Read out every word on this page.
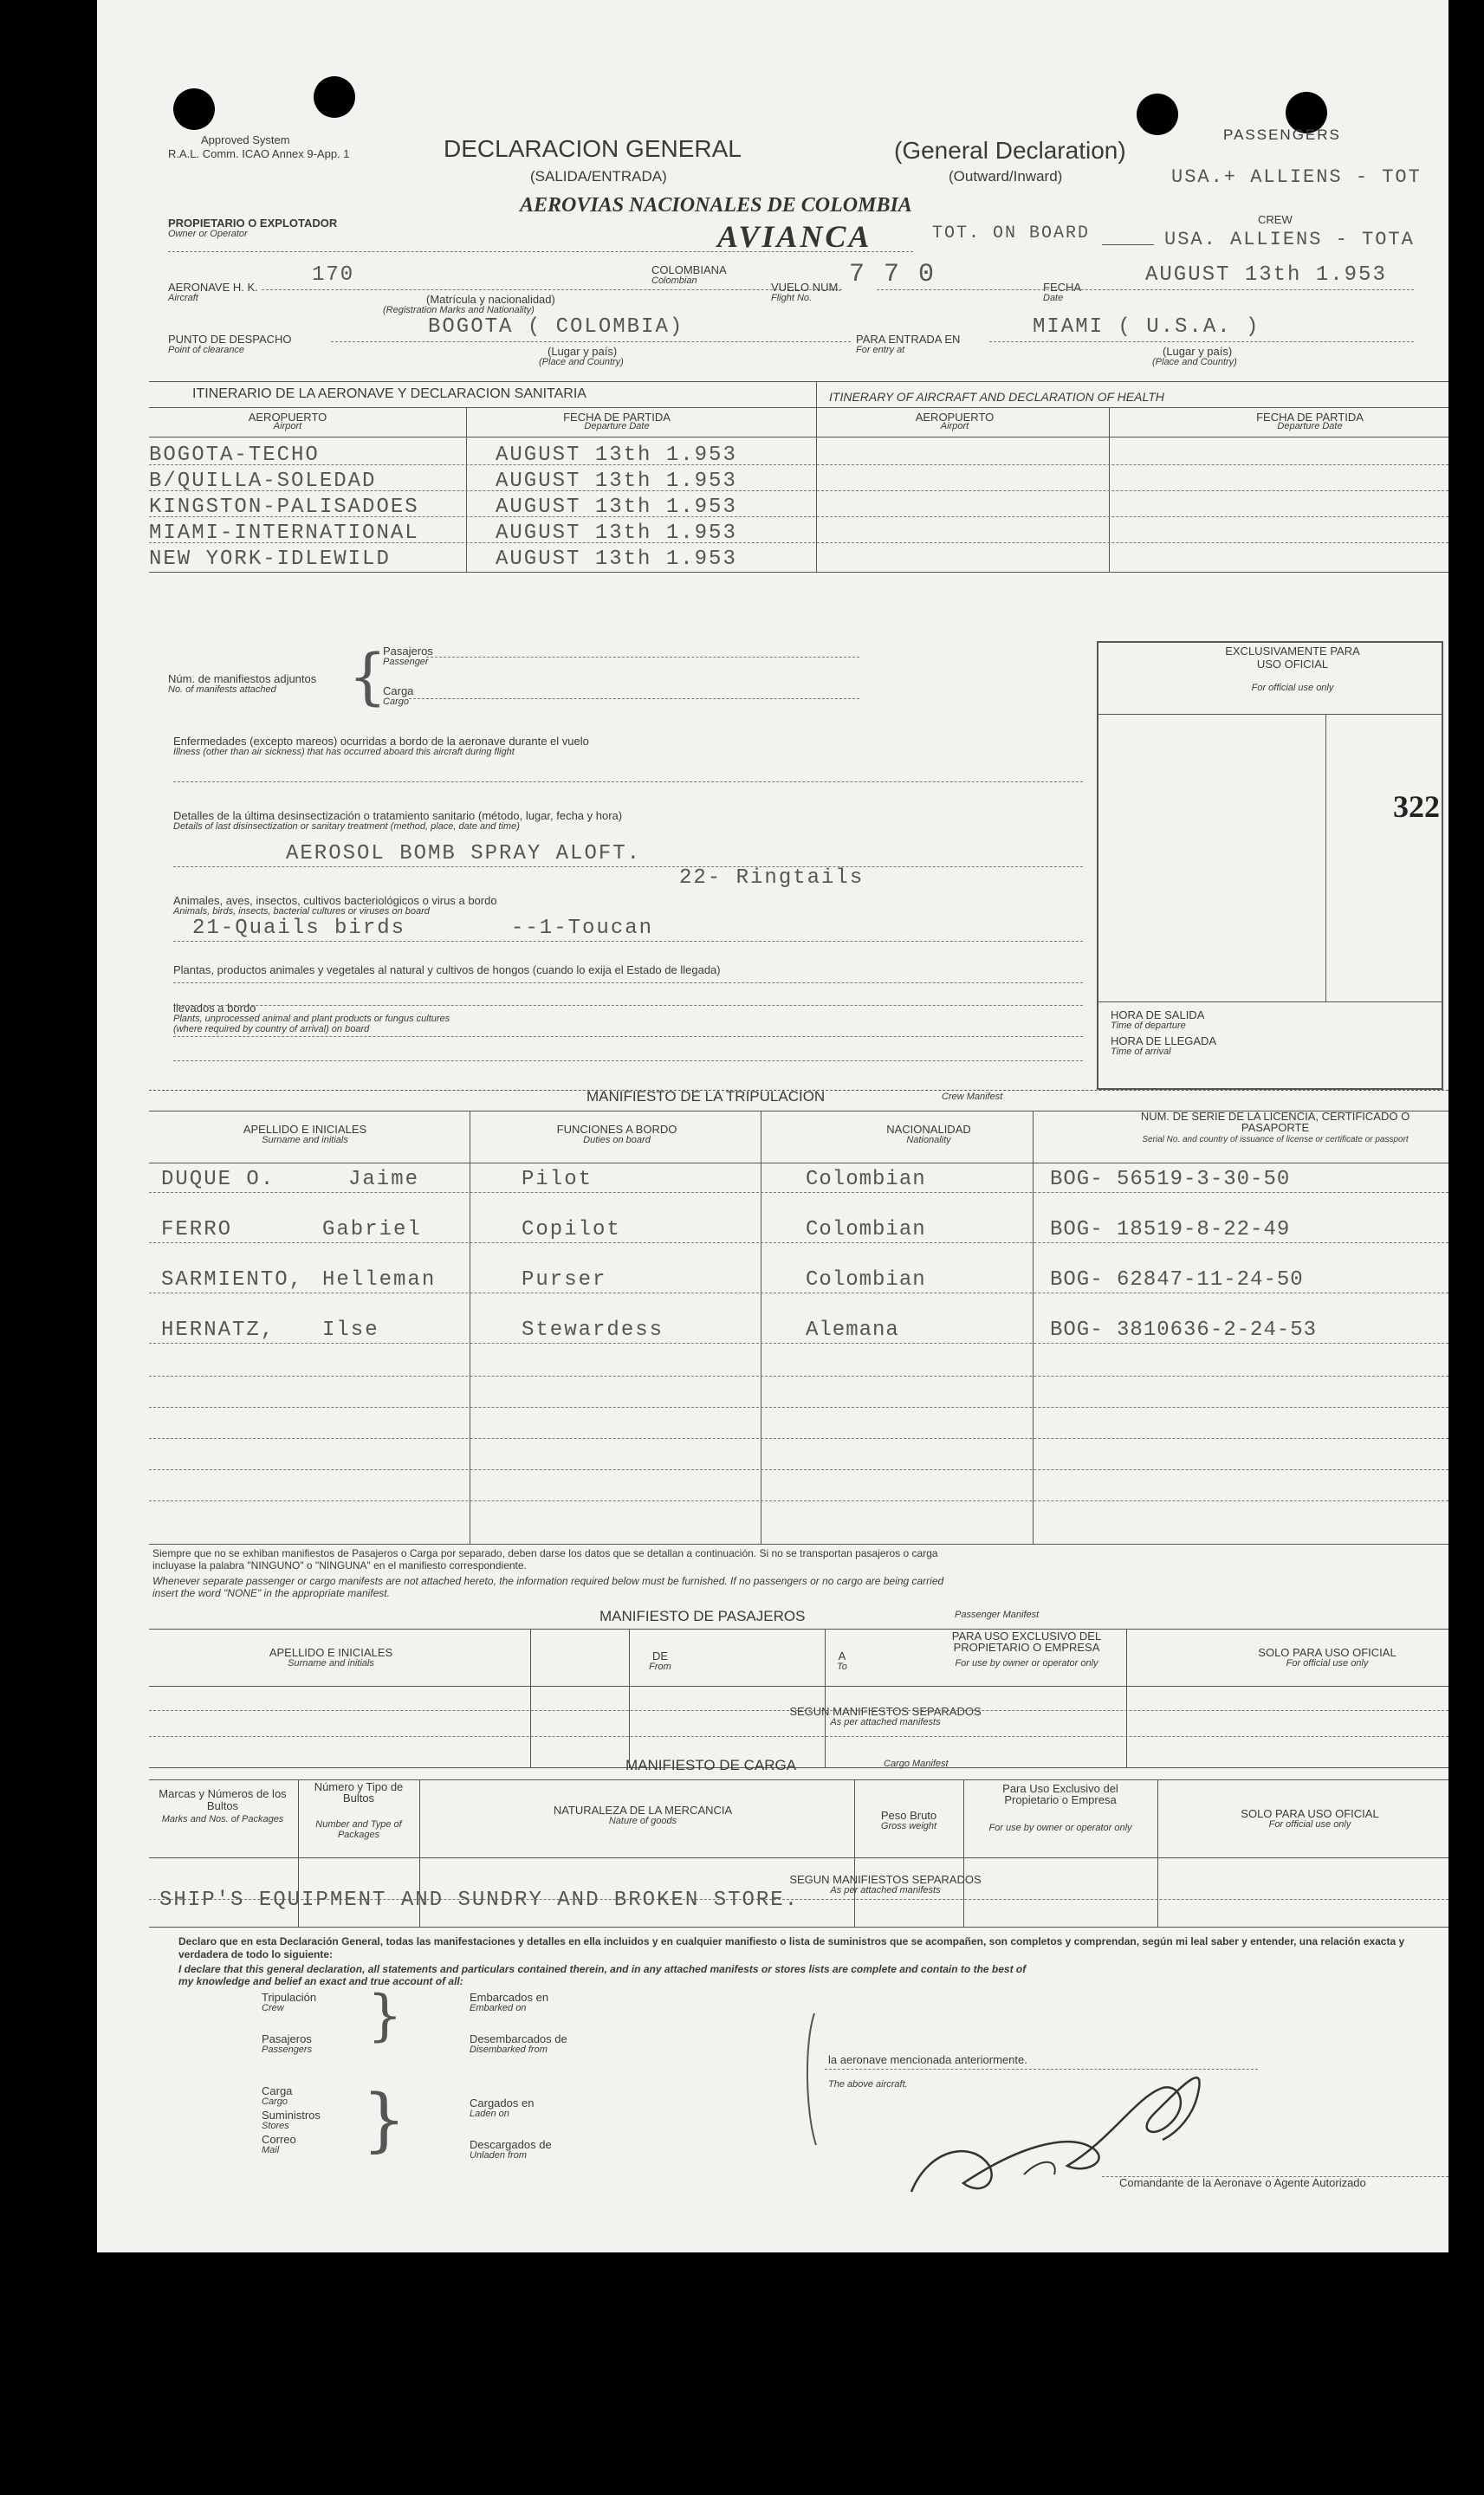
Approved System
R.A.L. Comm. ICAO Annex 9-App. 1	DECLARACION GENERAL	(General Declaration)
(SALIDA/ENTRADA)	(Outward/Inward)
PASSENGERS
USA.+ ALLIENS - TOT
AEROVIAS NACIONALES DE COLOMBIA
AVIANCA	TOT. ON BOARD
CREW
USA. ALLIENS - TOTA
PROPIETARIO O EXPLOTADOR
Owner or Operator
AERONAVE H. K.
Aircraft
170	COLOMBIANA
Colombian
(Matrícula y nacionalidad)
(Registration Marks and Nationality)
VUELO NUM.
Flight No.
7 7 0	FECHA
Date
AUGUST 13th 1.953
PUNTO DE DESPACHO
Point of clearance
BOGOTA ( COLOMBIA)
(Lugar y país)
(Place and Country)
PARA ENTRADA EN
For entry at
MIAMI ( U.S.A. )
(Lugar y país)
(Place and Country)
ITINERARIO DE LA AERONAVE Y DECLARACION SANITARIA	ITINERARY OF AIRCRAFT AND DECLARATION OF HEALTH
AEROPUERTO
Airport
FECHA DE PARTIDA
Departure Date
AEROPUERTO
Airport
FECHA DE PARTIDA
Departure Date
BOGOTA-TECHO	AUGUST 13th 1.953
B/QUILLA-SOLEDAD	AUGUST 13th 1.953
KINGSTON-PALISADOES	AUGUST 13th 1.953
MIAMI-INTERNATIONAL	AUGUST 13th 1.953
NEW YORK-IDLEWILD	AUGUST 13th 1.953
Núm. de manifiestos adjuntos
No. of manifests attached {
Pasajeros
Passenger
Carga
Cargo
Enfermedades (excepto mareos) ocurridas a bordo de la aeronave durante el vuelo
Illness (other than air sickness) that has occurred aboard this aircraft during flight
Detalles de la última desinsectización o tratamiento sanitario (método, lugar, fecha y hora)
Details of last disinsectization or sanitary treatment (method, place, date and time)
AEROSOL BOMB SPRAY ALOFT.
22- Ringtails
Animales, aves, insectos, cultivos bacteriológicos o virus a bordo
Animals, birds, insects, bacterial cultures or viruses on board
21-Quails birds	--1-Toucan
Plantas, productos animales y vegetales al natural y cultivos de hongos (cuando lo exija el Estado de llegada)
llevados a bordo
Plants, unprocessed animal and plant products or fungus cultures
(where required by country of arrival) on board
EXCLUSIVAMENTE PARA USO OFICIAL
For official use only
322
HORA DE SALIDA
Time of departure
HORA DE LLEGADA
Time of arrival
MANIFIESTO DE LA TRIPULACION	Crew Manifest
APELLIDO E INICIALES
Surname and initials
FUNCIONES A BORDO
Duties on board
NACIONALIDAD
Nationality
NUM. DE SERIE DE LA LICENCIA, CERTIFICADO O PASAPORTE
Serial No. and country of issuance of license or certificate or passport
DUQUE O.	Jaime	Pilot	Colombian	BOG- 56519-3-30-50
FERRO	Gabriel	Copilot	Colombian	BOG- 18519-8-22-49
SARMIENTO, Helleman	Purser	Colombian	BOG- 62847-11-24-50
HERNATZ, Ilse	Stewardess	Alemana	BOG- 3810636-2-24-53
Siempre que no se exhiban manifiestos de Pasajeros o Carga por separado, deben darse los datos que se detallan a continuación. Si no se transportan pasajeros o carga
incluyase la palabra "NINGUNO" o "NINGUNA" en el manifiesto correspondiente.
Whenever separate passenger or cargo manifests are not attached hereto, the information required below must be furnished. If no passengers or no cargo are being carried
insert the word "NONE" in the appropriate manifest.
MANIFIESTO DE PASAJEROS	Passenger Manifest
APELLIDO E INICIALES
Surname and initials
DE
From
A
To
PARA USO EXCLUSIVO DEL PROPIETARIO O EMPRESA
For use by owner or operator only
SOLO PARA USO OFICIAL
For official use only
SEGUN MANIFIESTOS SEPARADOS
As per attached manifests
MANIFIESTO DE CARGA	Cargo Manifest
Marcas y Números de los Bultos
Marks and Nos. of Packages
Número y Tipo de Bultos
Number and Type of Packages
NATURALEZA DE LA MERCANCIA
Nature of goods	Peso Bruto
Gross weight
Para Uso Exclusivo del Propietario o Empresa
For use by owner or operator only
SOLO PARA USO OFICIAL
For official use only
SEGUN MANIFIESTOS SEPARADOS
As per attached manifests
SHIP'S EQUIPMENT AND SUNDRY AND BROKEN STORE.
Declaro que en esta Declaración General, todas las manifestaciones y detalles en ella incluidos y en cualquier manifiesto o lista de suministros que se acompañen, son completos y comprendan, según mi leal saber y entender, una relación exacta y verdadera de todo lo siguiente:
I declare that this general declaration, all statements and particulars contained therein, and in any attached manifests or stores lists are complete and contain to the best of
my knowledge and belief an exact and true account of all:
Tripulación
Crew
Pasajeros
Passengers
}	Embarcados en
Embarked on
Desembarcados de
Disembarked from
Carga
Cargo
Suministros
Stores
Correo
Mail }	Cargados en
Laden on
Descargados de
Unladen from
la aeronave mencionada anteriormente.
The above aircraft.
Comandante de la Aeronave o Agente Autorizado
